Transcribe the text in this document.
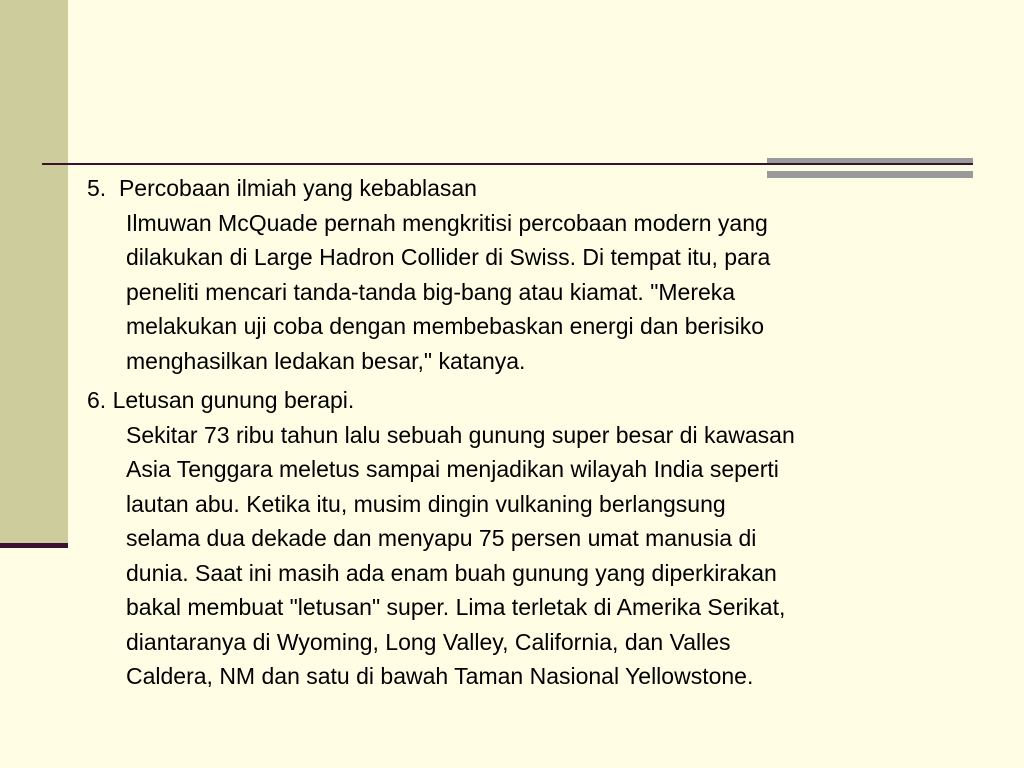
5.  Percobaan ilmiah yang kebablasan
Ilmuwan McQuade pernah mengkritisi percobaan modern yang
dilakukan di Large Hadron Collider di Swiss. Di tempat itu, para
peneliti mencari tanda-tanda big-bang atau kiamat. "Mereka
melakukan uji coba dengan membebaskan energi dan berisiko
menghasilkan ledakan besar," katanya.
6. Letusan gunung berapi.
Sekitar 73 ribu tahun lalu sebuah gunung super besar di kawasan
Asia Tenggara meletus sampai menjadikan wilayah India seperti
lautan abu. Ketika itu, musim dingin vulkaning berlangsung
selama dua dekade dan menyapu 75 persen umat manusia di
dunia. Saat ini masih ada enam buah gunung yang diperkirakan
bakal membuat "letusan" super. Lima terletak di Amerika Serikat,
diantaranya di Wyoming, Long Valley, California, dan Valles
Caldera, NM dan satu di bawah Taman Nasional Yellowstone.
